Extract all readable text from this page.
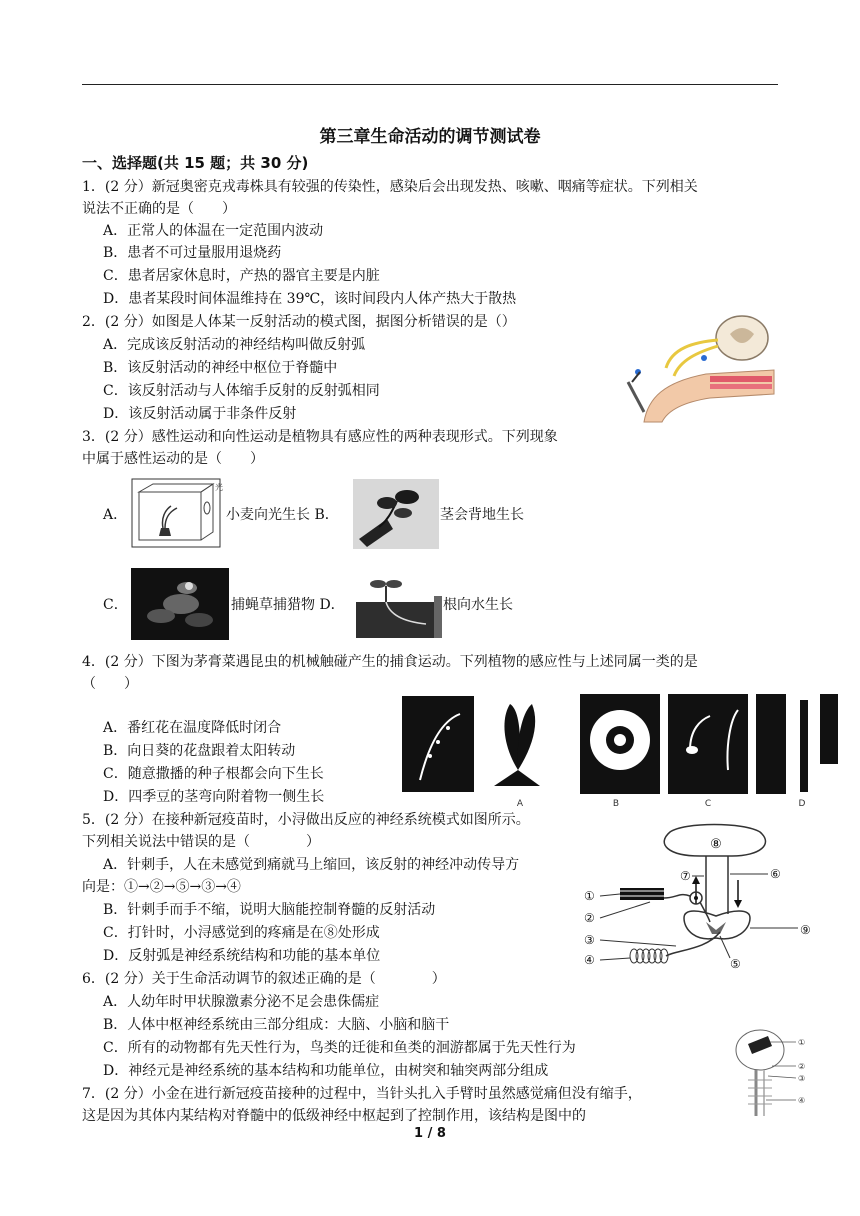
第三章生命活动的调节测试卷
一、选择题(共 15 题；共 30 分)
1．(2 分）新冠奥密克戎毒株具有较强的传染性，感染后会出现发热、咳嗽、咽痛等症状。下列相关
说法不正确的是（　　）
A．正常人的体温在一定范围内波动
B．患者不可过量服用退烧药
C．患者居家休息时，产热的器官主要是内脏
D．患者某段时间体温维持在 39℃，该时间段内人体产热大于散热
2．(2 分）如图是人体某一反射活动的模式图，据图分析错误的是（）
A．完成该反射活动的神经结构叫做反射弧
B．该反射活动的神经中枢位于脊髓中
C．该反射活动与人体缩手反射的反射弧相同
D．该反射活动属于非条件反射
3．(2 分）感性运动和向性运动是植物具有感应性的两种表现形式。下列现象
中属于感性运动的是（　　）
A．
光
小麦向光生长 B．	茎会背地生长
C．	捕蝇草捕猎物 D．	根向水生长
4．(2 分）下图为茅膏菜遇昆虫的机械触碰产生的捕食运动。下列植物的感应性与上述同属一类的是
（　　）
A．番红花在温度降低时闭合
B．向日葵的花盘跟着太阳转动
C．随意撒播的种子根都会向下生长
D．四季豆的茎弯向附着物一侧生长	A	B	C	D
5．(2 分）在接种新冠疫苗时，小浔做出反应的神经系统模式如图所示。
下列相关说法中错误的是（　　　　）
A．针刺手，人在未感觉到痛就马上缩回，该反射的神经冲动传导方
向是：①→②→⑤→③→④
B．针刺手而手不缩，说明大脑能控制脊髓的反射活动
C．打针时，小浔感觉到的疼痛是在⑧处形成
D．反射弧是神经系统结构和功能的基本单位
⑧
⑦	⑥
⑨
①
②
③
④	⑤
6．(2 分）关于生命活动调节的叙述正确的是（　　　　）
A．人幼年时甲状腺激素分泌不足会患侏儒症
B．人体中枢神经系统由三部分组成：大脑、小脑和脑干
C．所有的动物都有先天性行为，鸟类的迁徙和鱼类的洄游都属于先天性行为
D．神经元是神经系统的基本结构和功能单位，由树突和轴突两部分组成
7．(2 分）小金在进行新冠疫苗接种的过程中，当针头扎入手臂时虽然感觉痛但没有缩手，
这是因为其体内某结构对脊髓中的低级神经中枢起到了控制作用，该结构是图中的
①
②
③
④
1 / 8
